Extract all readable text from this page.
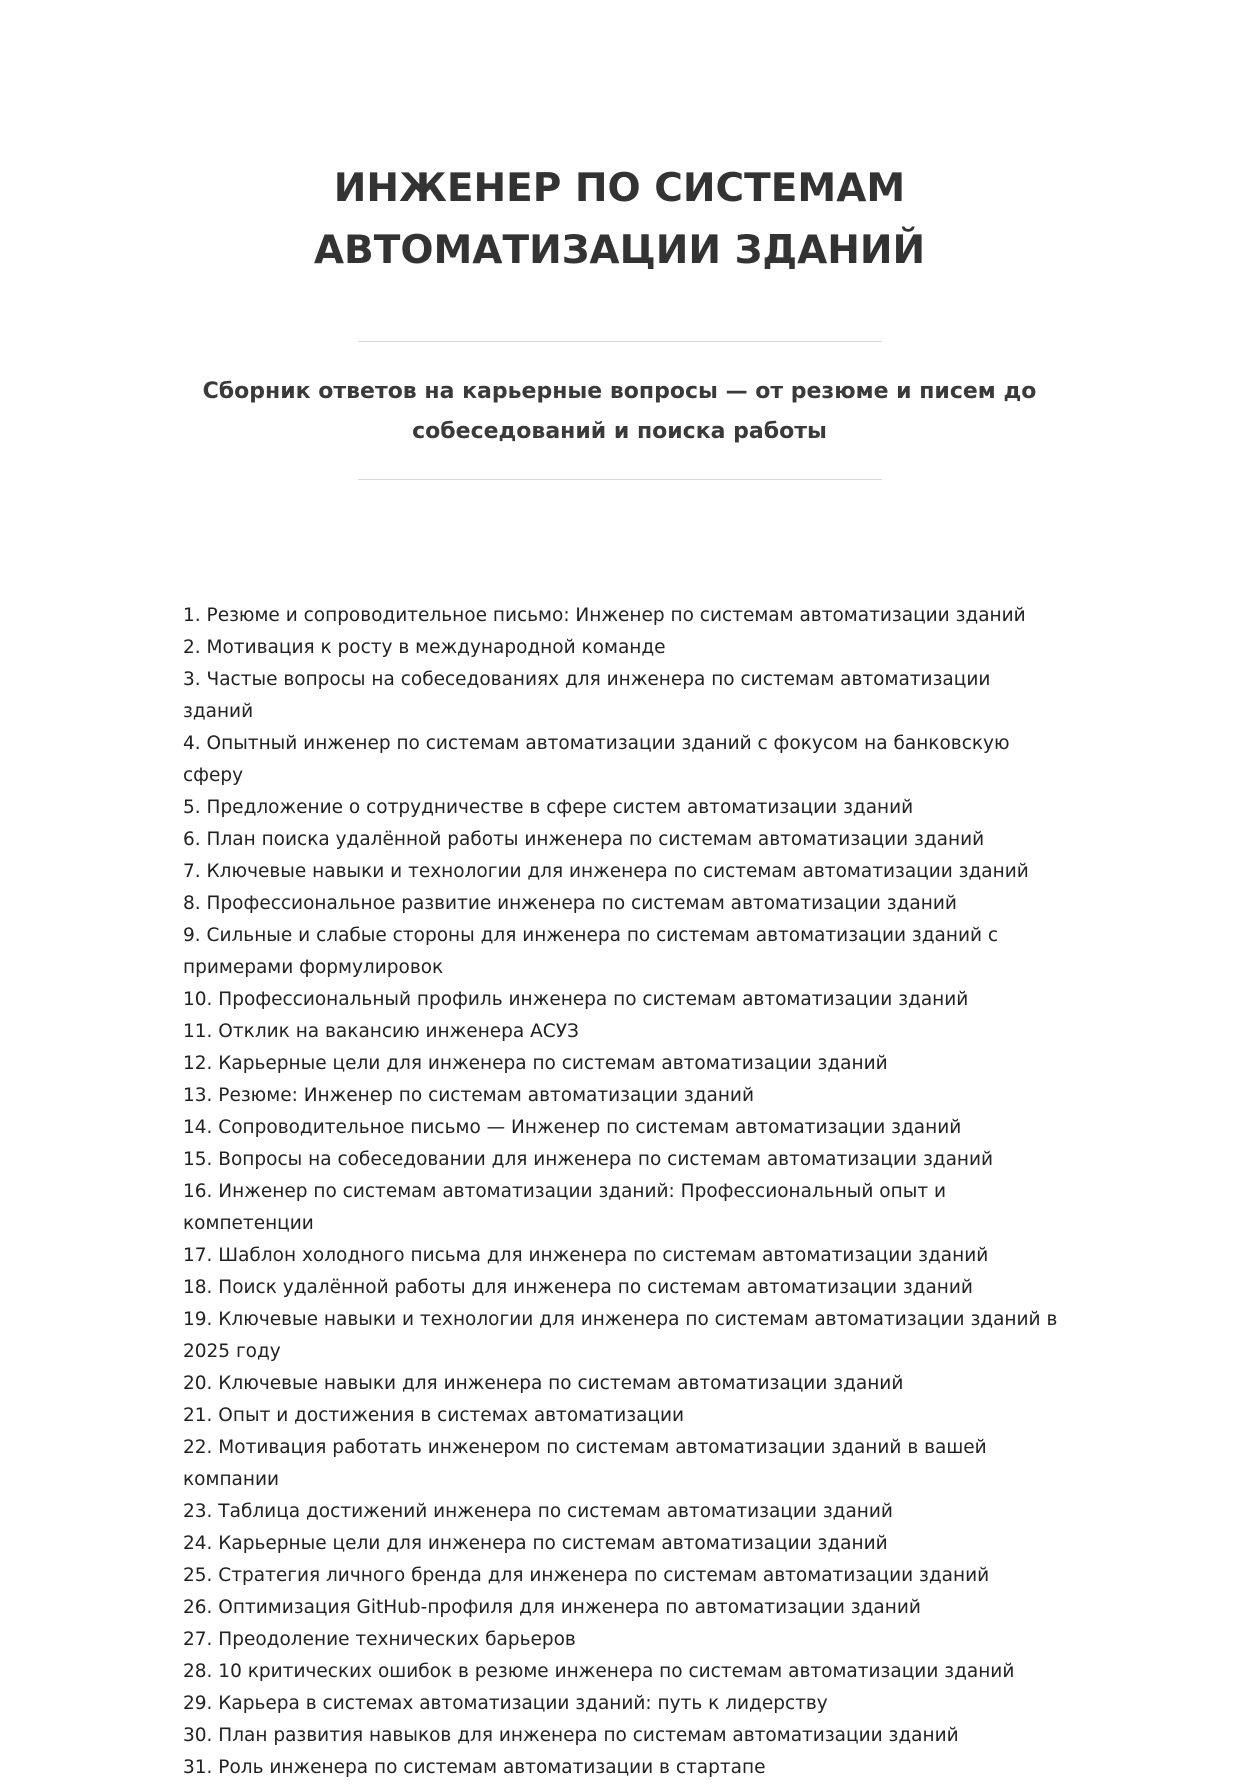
ИНЖЕНЕР ПО СИСТЕМАМ
АВТОМАТИЗАЦИИ ЗДАНИЙ

Сборник ответов на карьерные вопросы — от резюме и писем до собеседований и поиска работы

1. Резюме и сопроводительное письмо: Инженер по системам автоматизации зданий
2. Мотивация к росту в международной команде
3. Частые вопросы на собеседованиях для инженера по системам автоматизации зданий
4. Опытный инженер по системам автоматизации зданий с фокусом на банковскую сферу
5. Предложение о сотрудничестве в сфере систем автоматизации зданий
6. План поиска удалённой работы инженера по системам автоматизации зданий
7. Ключевые навыки и технологии для инженера по системам автоматизации зданий
8. Профессиональное развитие инженера по системам автоматизации зданий
9. Сильные и слабые стороны для инженера по системам автоматизации зданий с примерами формулировок
10. Профессиональный профиль инженера по системам автоматизации зданий
11. Отклик на вакансию инженера АСУЗ
12. Карьерные цели для инженера по системам автоматизации зданий
13. Резюме: Инженер по системам автоматизации зданий
14. Сопроводительное письмо — Инженер по системам автоматизации зданий
15. Вопросы на собеседовании для инженера по системам автоматизации зданий
16. Инженер по системам автоматизации зданий: Профессиональный опыт и компетенции
17. Шаблон холодного письма для инженера по системам автоматизации зданий
18. Поиск удалённой работы для инженера по системам автоматизации зданий
19. Ключевые навыки и технологии для инженера по системам автоматизации зданий в 2025 году
20. Ключевые навыки для инженера по системам автоматизации зданий
21. Опыт и достижения в системах автоматизации
22. Мотивация работать инженером по системам автоматизации зданий в вашей компании
23. Таблица достижений инженера по системам автоматизации зданий
24. Карьерные цели для инженера по системам автоматизации зданий
25. Стратегия личного бренда для инженера по системам автоматизации зданий
26. Оптимизация GitHub-профиля для инженера по автоматизации зданий
27. Преодоление технических барьеров
28. 10 критических ошибок в резюме инженера по системам автоматизации зданий
29. Карьера в системах автоматизации зданий: путь к лидерству
30. План развития навыков для инженера по системам автоматизации зданий
31. Роль инженера по системам автоматизации в стартапе
